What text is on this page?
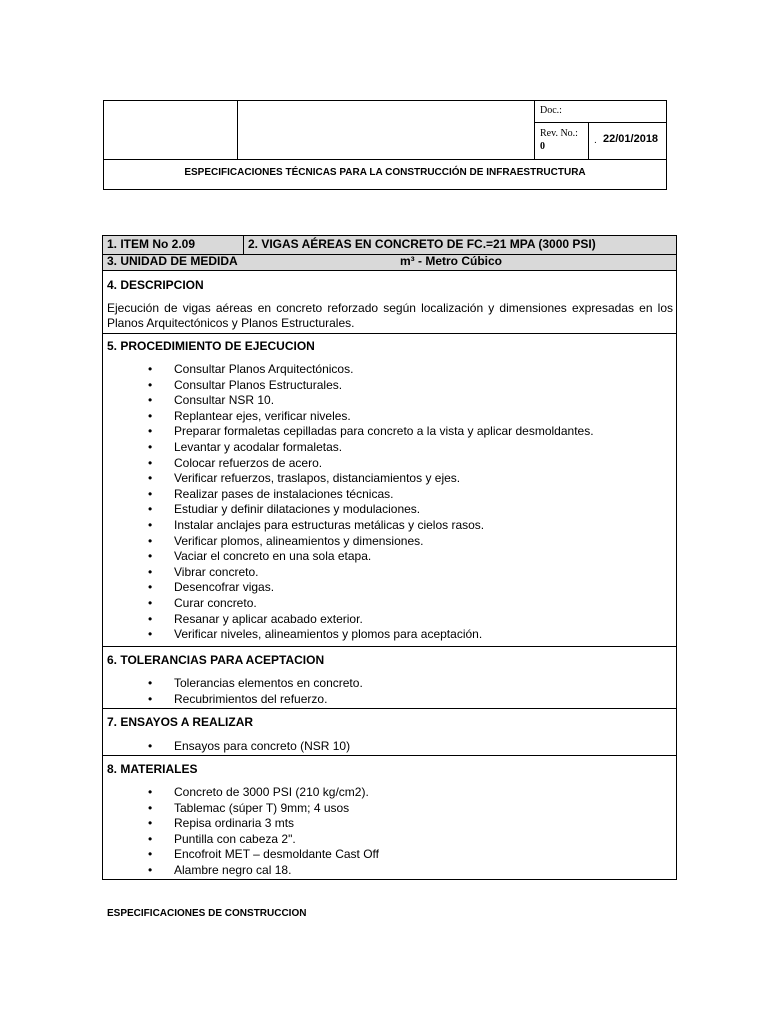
Doc.:
Rev. No.:
0
. 22/01/2018
ESPECIFICACIONES TÉCNICAS PARA LA CONSTRUCCIÓN DE INFRAESTRUCTURA
1. ITEM No 2.09	2. VIGAS AÉREAS EN CONCRETO DE FC.=21 MPA (3000 PSI)
3. UNIDAD DE MEDIDA	m³ - Metro Cúbico
4. DESCRIPCION
Ejecución de vigas aéreas en concreto reforzado según localización y dimensiones expresadas en los Planos Arquitectónicos y Planos Estructurales.
5. PROCEDIMIENTO DE EJECUCION
• Consultar Planos Arquitectónicos.
• Consultar Planos Estructurales.
• Consultar NSR 10.
• Replantear ejes, verificar niveles.
• Preparar formaletas cepilladas para concreto a la vista y aplicar desmoldantes.
• Levantar y acodalar formaletas.
• Colocar refuerzos de acero.
• Verificar refuerzos, traslapos, distanciamientos y ejes.
• Realizar pases de instalaciones técnicas.
• Estudiar y definir dilataciones y modulaciones.
• Instalar anclajes para estructuras metálicas y cielos rasos.
• Verificar plomos, alineamientos y dimensiones.
• Vaciar el concreto en una sola etapa.
• Vibrar concreto.
• Desencofrar vigas.
• Curar concreto.
• Resanar y aplicar acabado exterior.
• Verificar niveles, alineamientos y plomos para aceptación.
6. TOLERANCIAS PARA ACEPTACION
• Tolerancias elementos en concreto.
• Recubrimientos del refuerzo.
7. ENSAYOS A REALIZAR
• Ensayos para concreto (NSR 10)
8. MATERIALES
• Concreto de 3000 PSI (210 kg/cm2).
• Tablemac (súper T) 9mm; 4 usos
• Repisa ordinaria 3 mts
• Puntilla con cabeza 2".
• Encofroit MET – desmoldante Cast Off
• Alambre negro cal 18.
ESPECIFICACIONES DE CONSTRUCCION
